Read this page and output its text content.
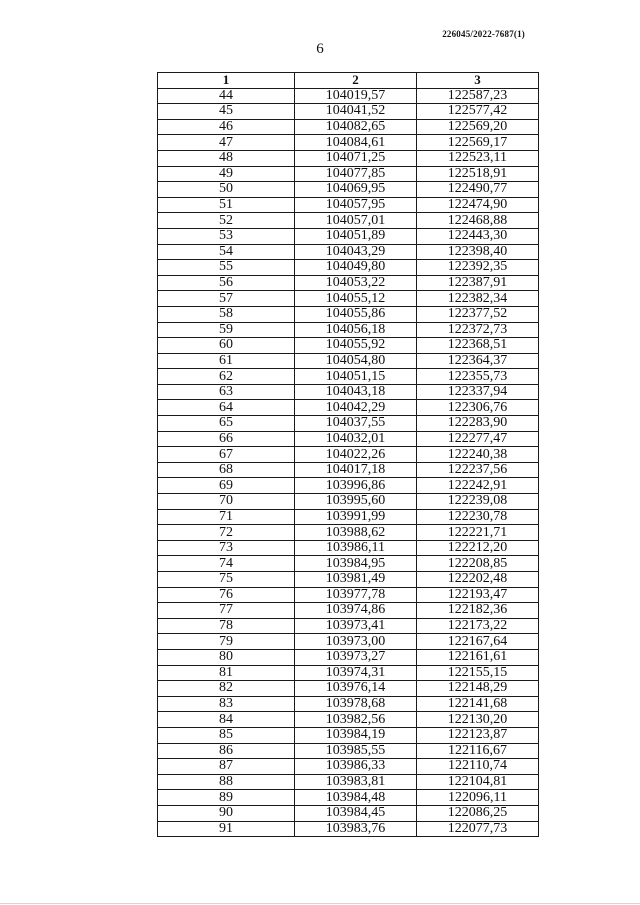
226045/2022-7687(1)
6
1	2	3
44	104019,57	122587,23
45	104041,52	122577,42
46	104082,65	122569,20
47	104084,61	122569,17
48	104071,25	122523,11
49	104077,85	122518,91
50	104069,95	122490,77
51	104057,95	122474,90
52	104057,01	122468,88
53	104051,89	122443,30
54	104043,29	122398,40
55	104049,80	122392,35
56	104053,22	122387,91
57	104055,12	122382,34
58	104055,86	122377,52
59	104056,18	122372,73
60	104055,92	122368,51
61	104054,80	122364,37
62	104051,15	122355,73
63	104043,18	122337,94
64	104042,29	122306,76
65	104037,55	122283,90
66	104032,01	122277,47
67	104022,26	122240,38
68	104017,18	122237,56
69	103996,86	122242,91
70	103995,60	122239,08
71	103991,99	122230,78
72	103988,62	122221,71
73	103986,11	122212,20
74	103984,95	122208,85
75	103981,49	122202,48
76	103977,78	122193,47
77	103974,86	122182,36
78	103973,41	122173,22
79	103973,00	122167,64
80	103973,27	122161,61
81	103974,31	122155,15
82	103976,14	122148,29
83	103978,68	122141,68
84	103982,56	122130,20
85	103984,19	122123,87
86	103985,55	122116,67
87	103986,33	122110,74
88	103983,81	122104,81
89	103984,48	122096,11
90	103984,45	122086,25
91	103983,76	122077,73
